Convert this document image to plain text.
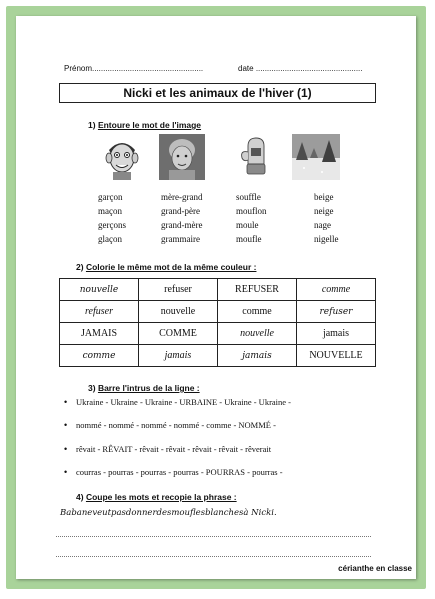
Prénom..................................................	date ................................................
Nicki et les animaux de l'hiver (1)
1) Entoure le mot de l'image
garçon
maçon
gerçons
glaçon
mère-grand
grand-père
grand-mère
grammaire
souffle
mouflon
moule
moufle
beige
neige
nage
nigelle
2) Colorie le même mot de la même couleur :
nouvelle	refuser	REFUSER	comme
refuser	nouvelle	comme	refuser
JAMAIS	COMME	nouvelle	jamais
comme	jamais	jamais	NOUVELLE
3) Barre l'intrus de la ligne :
• Ukraine - Ukraine - Ukraine - URBAINE - Ukraine - Ukraine -
• nommé - nommé - nommé - nommé - comme - NOMMÉ -
• rêvait - RÊVAIT - rêvait - rêvait - rêvait - rêvait - rêverait
• courras - pourras - pourras - pourras - POURRAS - pourras -
4) Coupe les mots et recopie la phrase :
Babaneveutpasdonnerdesmouflesblanchesà Nicki.
cérianthe en classe
